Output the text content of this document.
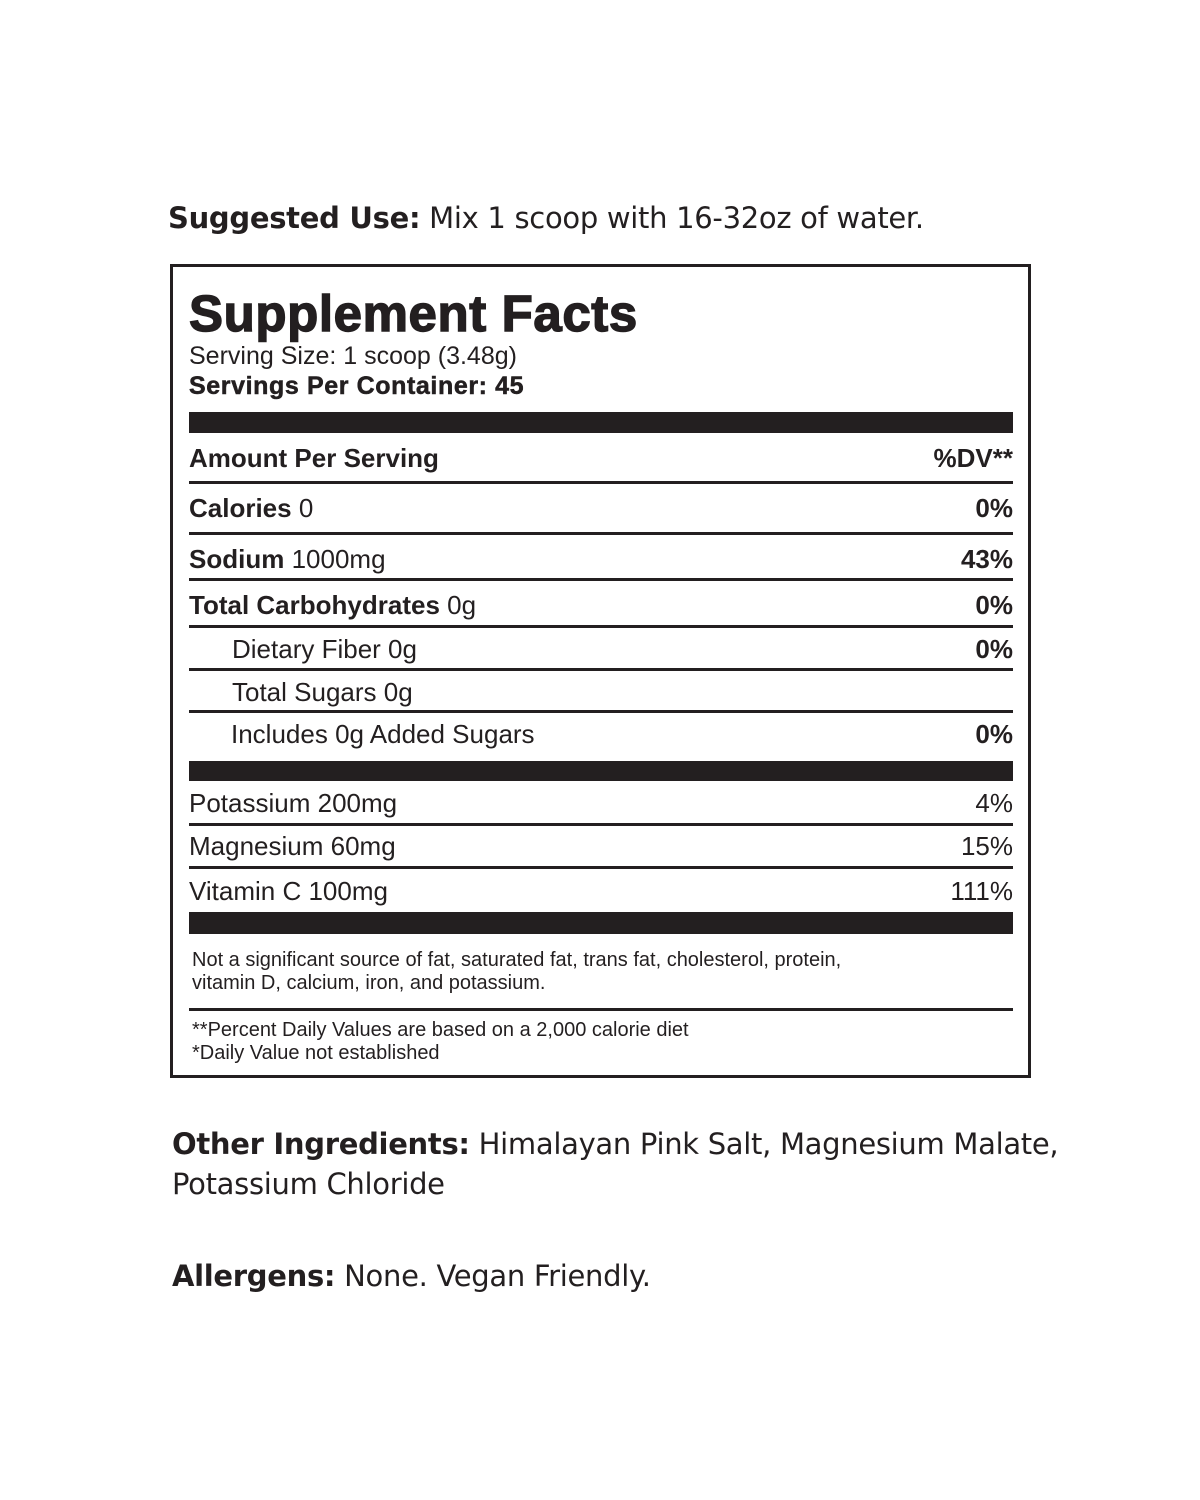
Suggested Use: Mix 1 scoop with 16-32oz of water.

Supplement Facts
Serving Size: 1 scoop (3.48g)
Servings Per Container: 45
Amount Per Serving	%DV**
Calories 0	0%
Sodium 1000mg	43%
Total Carbohydrates 0g	0%
Dietary Fiber 0g	0%
Total Sugars 0g
Includes 0g Added Sugars	0%
Potassium 200mg	4%
Magnesium 60mg	15%
Vitamin C 100mg	111%
Not a significant source of fat, saturated fat, trans fat, cholesterol, protein,
vitamin D, calcium, iron, and potassium.
**Percent Daily Values are based on a 2,000 calorie diet
*Daily Value not established

Other Ingredients: Himalayan Pink Salt, Magnesium Malate,
Potassium Chloride

Allergens: None. Vegan Friendly.
